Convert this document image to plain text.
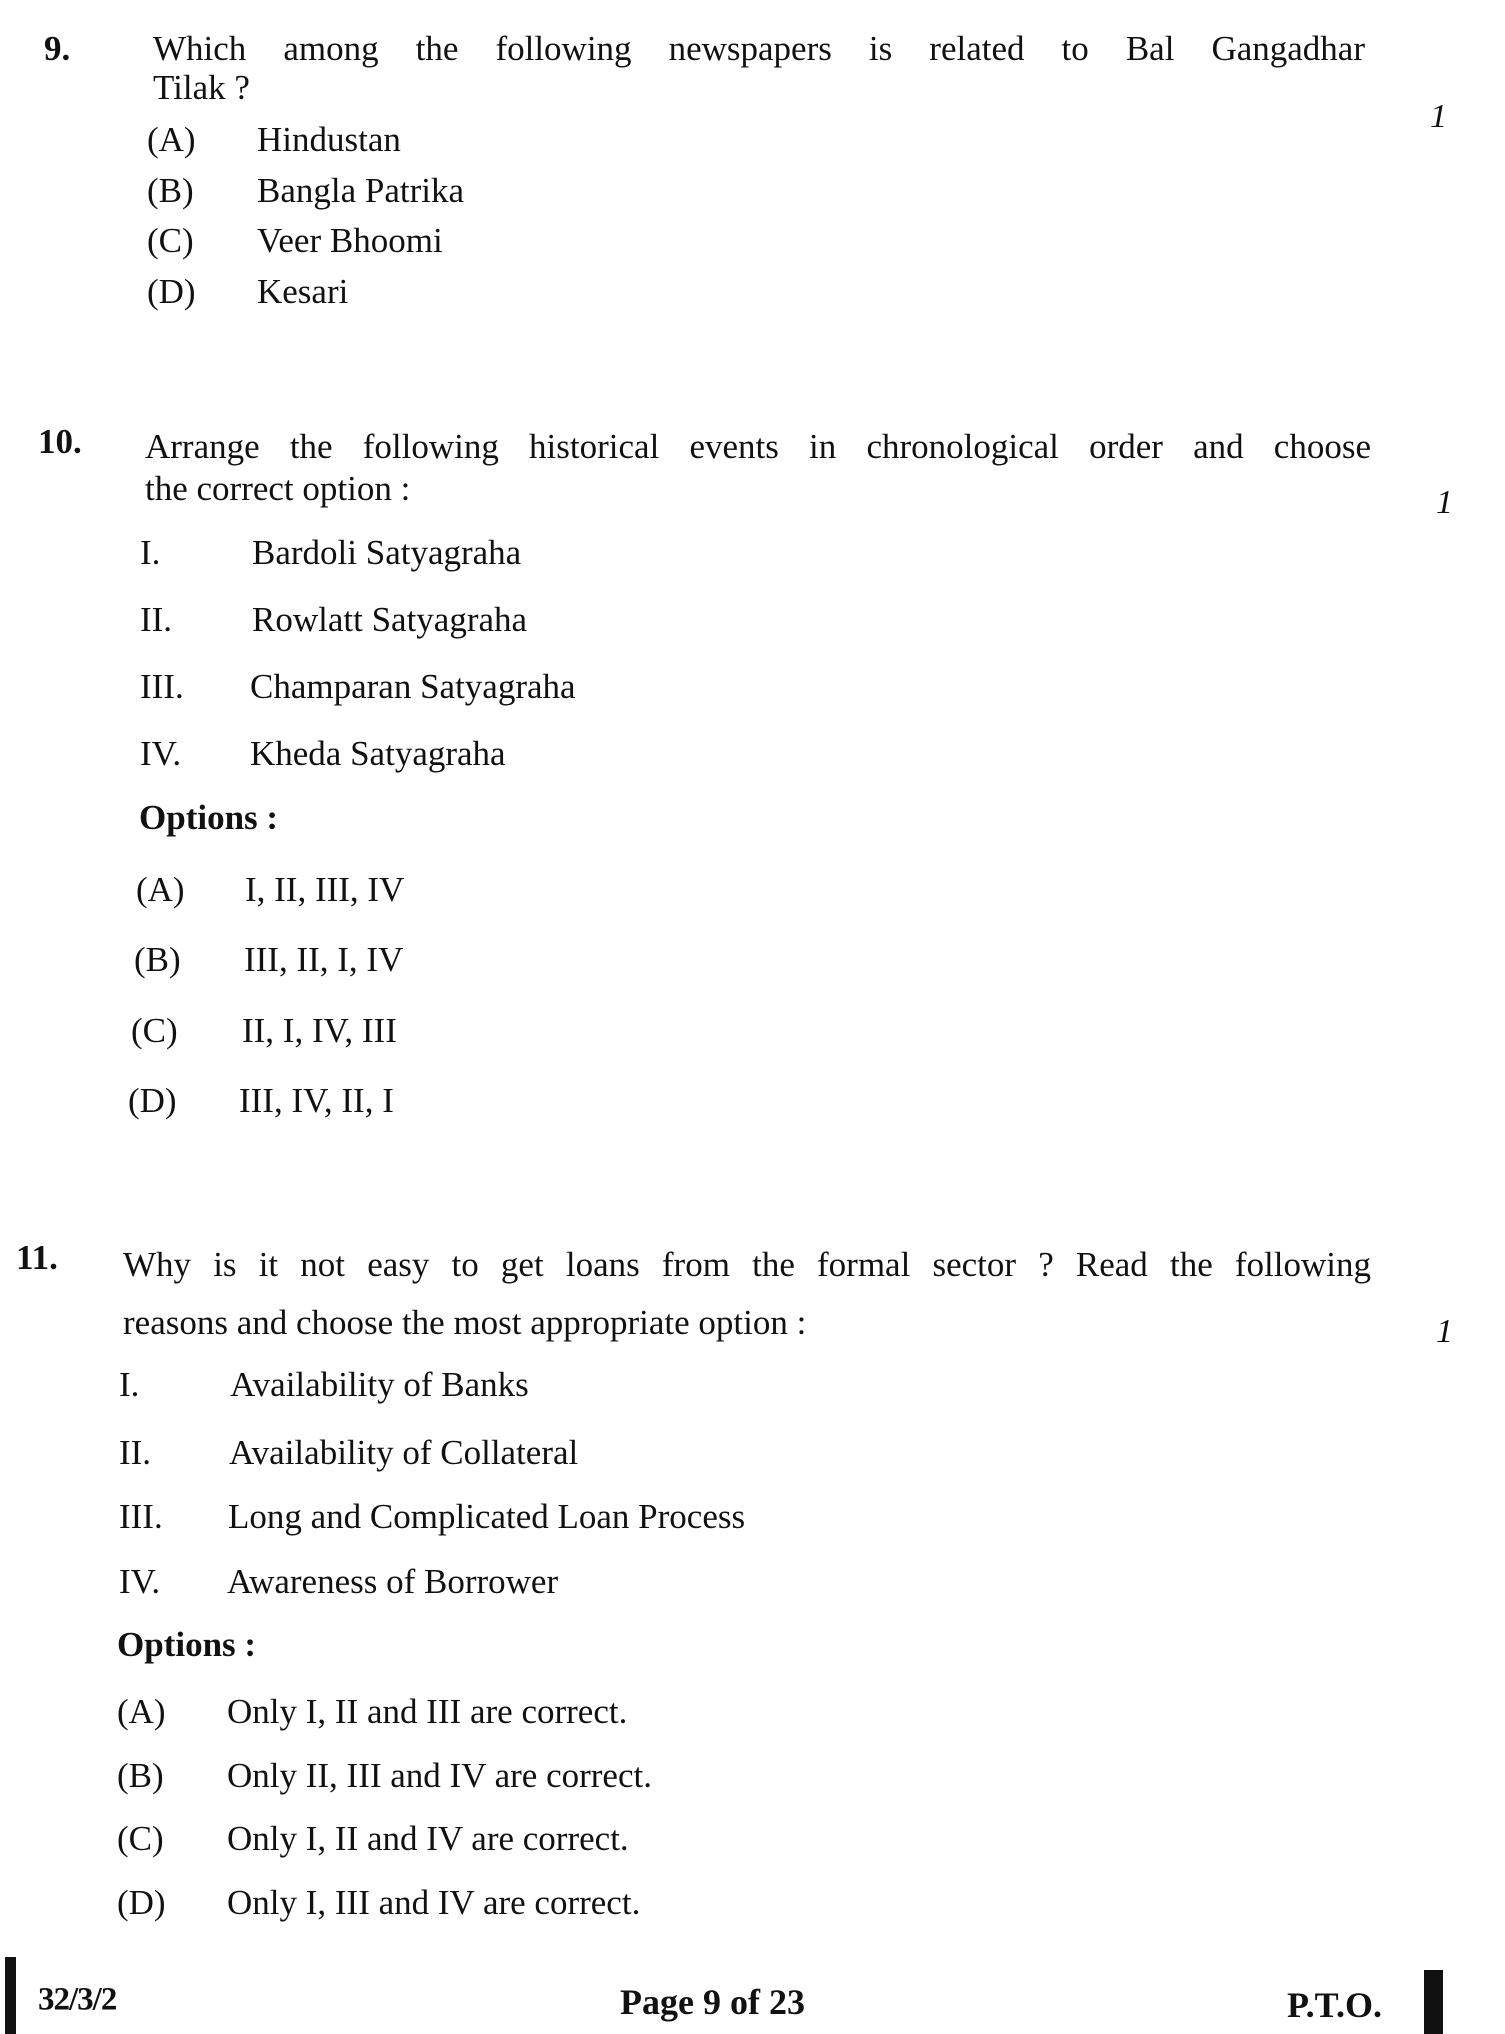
9. Which among the following newspapers is related to Bal Gangadhar
Tilak ?
1
(A) Hindustan
(B) Bangla Patrika
(C) Veer Bhoomi
(D) Kesari
10. Arrange the following historical events in chronological order and choose
the correct option :	1
I.	Bardoli Satyagraha
II. Rowlatt Satyagraha
III. Champaran Satyagraha
IV. Kheda Satyagraha
Options :
(A) I, II, III, IV
(B) III, II, I, IV
(C) II, I, IV, III
(D) III, IV, II, I
11. Why is it not easy to get loans from the formal sector ? Read the following
reasons and choose the most appropriate option :	1
I.	Availability of Banks
II. Availability of Collateral
III. Long and Complicated Loan Process
IV. Awareness of Borrower
Options :
(A) Only I, II and III are correct.
(B) Only II, III and IV are correct.
(C) Only I, II and IV are correct.
(D) Only I, III and IV are correct.
32/3/2	Page 9 of 23	P.T.O.
